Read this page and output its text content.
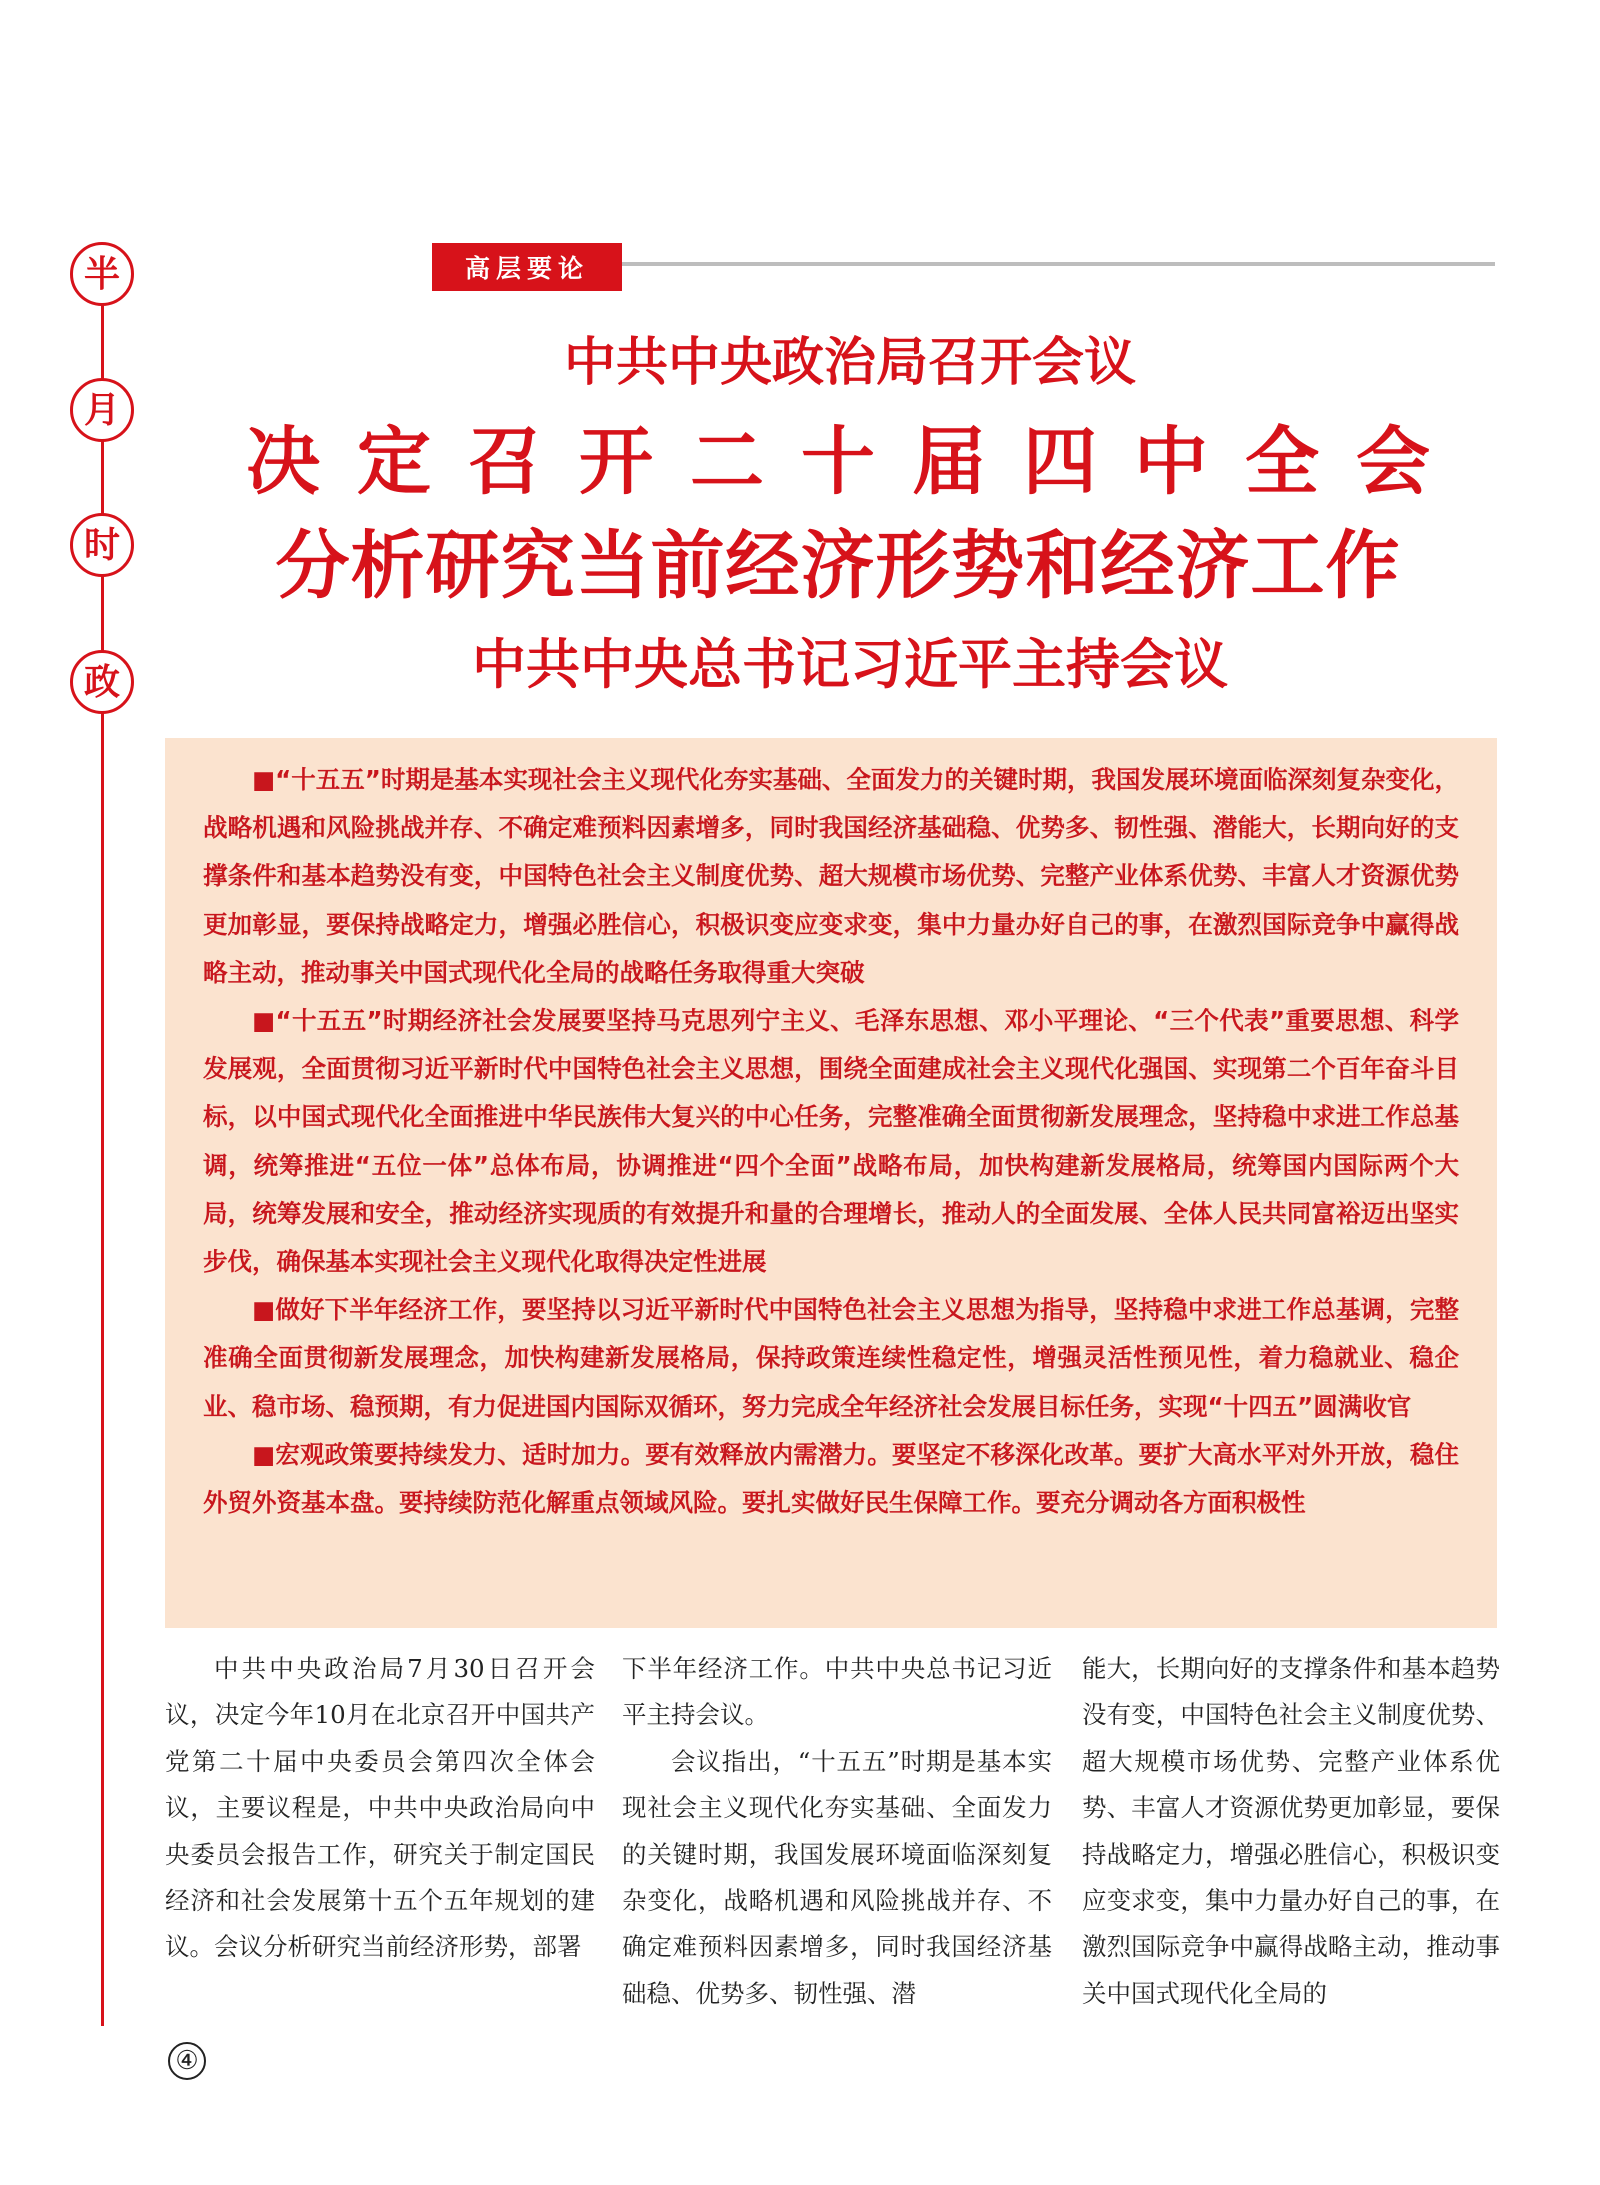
半
月
时
政
④
高层要论
中共中央政治局召开会议
决定召开二十届四中全会
分析研究当前经济形势和经济工作
中共中央总书记习近平主持会议

■“十五五”时期是基本实现社会主义现代化夯实基础、全面发力的关键时期，我国发展环境面临深刻复杂变化，战略机遇和风险挑战并存、不确定难预料因素增多，同时我国经济基础稳、优势多、韧性强、潜能大，长期向好的支撑条件和基本趋势没有变，中国特色社会主义制度优势、超大规模市场优势、完整产业体系优势、丰富人才资源优势更加彰显，要保持战略定力，增强必胜信心，积极识变应变求变，集中力量办好自己的事，在激烈国际竞争中赢得战略主动，推动事关中国式现代化全局的战略任务取得重大突破

■“十五五”时期经济社会发展要坚持马克思列宁主义、毛泽东思想、邓小平理论、“三个代表”重要思想、科学发展观，全面贯彻习近平新时代中国特色社会主义思想，围绕全面建成社会主义现代化强国、实现第二个百年奋斗目标，以中国式现代化全面推进中华民族伟大复兴的中心任务，完整准确全面贯彻新发展理念，坚持稳中求进工作总基调，统筹推进“五位一体”总体布局，协调推进“四个全面”战略布局，加快构建新发展格局，统筹国内国际两个大局，统筹发展和安全，推动经济实现质的有效提升和量的合理增长，推动人的全面发展、全体人民共同富裕迈出坚实步伐，确保基本实现社会主义现代化取得决定性进展

■做好下半年经济工作，要坚持以习近平新时代中国特色社会主义思想为指导，坚持稳中求进工作总基调，完整准确全面贯彻新发展理念，加快构建新发展格局，保持政策连续性稳定性，增强灵活性预见性，着力稳就业、稳企业、稳市场、稳预期，有力促进国内国际双循环，努力完成全年经济社会发展目标任务，实现“十四五”圆满收官

■宏观政策要持续发力、适时加力。要有效释放内需潜力。要坚定不移深化改革。要扩大高水平对外开放，稳住外贸外资基本盘。要持续防范化解重点领域风险。要扎实做好民生保障工作。要充分调动各方面积极性

中共中央政治局7月30日召开会议，决定今年10月在北京召开中国共产党第二十届中央委员会第四次全体会议，主要议程是，中共中央政治局向中央委员会报告工作，研究关于制定国民经济和社会发展第十五个五年规划的建议。会议分析研究当前经济形势，部署

下半年经济工作。中共中央总书记习近平主持会议。

会议指出，“十五五”时期是基本实现社会主义现代化夯实基础、全面发力的关键时期，我国发展环境面临深刻复杂变化，战略机遇和风险挑战并存、不确定难预料因素增多，同时我国经济基础稳、优势多、韧性强、潜

能大，长期向好的支撑条件和基本趋势没有变，中国特色社会主义制度优势、超大规模市场优势、完整产业体系优势、丰富人才资源优势更加彰显，要保持战略定力，增强必胜信心，积极识变应变求变，集中力量办好自己的事，在激烈国际竞争中赢得战略主动，推动事关中国式现代化全局的
